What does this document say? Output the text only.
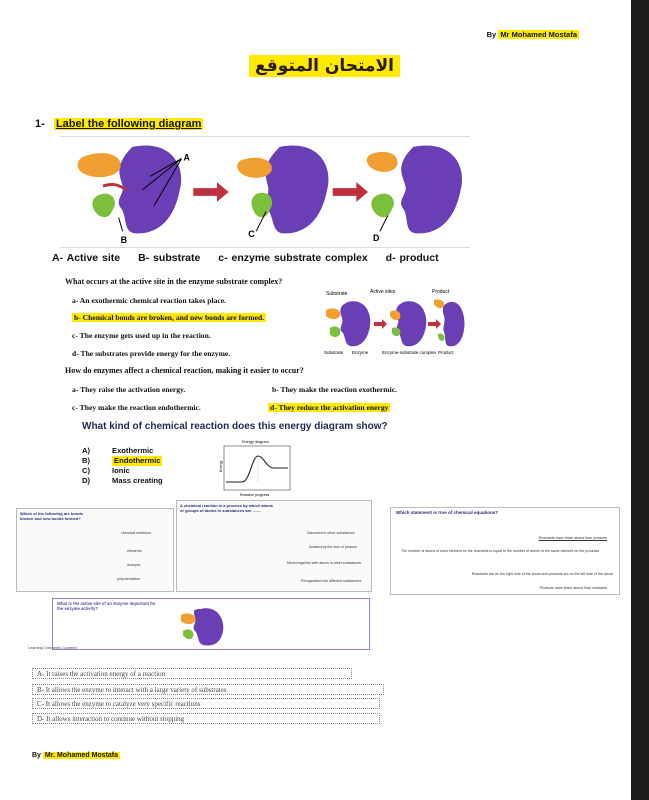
By Mr Mohamed Mostafa
الامتحان المتوقع
1- Label the following diagram
A
B
C	D
A- Active site B- substrate c- enzyme substrate complex d- product
What occurs at the active site in the enzyme substrate complex?
a- An exothermic chemical reaction takes place.
b- Chemical bonds are broken, and new bonds are formed.
c- The enzyme gets used up in the reaction.
d- The substrates provide energy for the enzyme.
Substrate	Active sites	Product
Substrate Enzyme	Enzyme-substrate complex Product
How do enzymes affect a chemical reaction, making it easier to occur?
a- They raise the activation energy.	b- They make the reaction exothermic.
c- They make the reaction endothermic.	d- They reduce the activation energy
What kind of chemical reaction does this energy diagram show?
A)	Exothermic
B)	Endothermic
C)	Ionic
D)	Mass creating
Energy diagram
Energy
Reaction progress
Which of the following are bonds broken and new bonds formed?
chemical reactions
elements
isotopes
polymerization
A chemical reaction is a process by which atoms or groups of atoms in substances are ........
Dissolved in other substances
Isolated by the loss of protons
Mixed together with atoms in other substances
Reorganized into different substances
Which statement is true of chemical equations?
Reactants have fewer atoms than products
The number of atoms of each element on the reactants is equal to the number of atoms of the same element on the products
Reactants are on the right side of the arrow and products are on the left side of the arrow
Products have fewer atoms than reactants
What is the active site of an enzyme important for the enzyme activity?
Learning Outcomes Covered
A- It raises the activation energy of a reaction
B- It allows the enzyme to interact with a large variety of substrates
C- It allows the enzyme to catalyze very specific reactions
D- It allows interaction to continue without stopping
By Mr. Mohamed Mostafa
